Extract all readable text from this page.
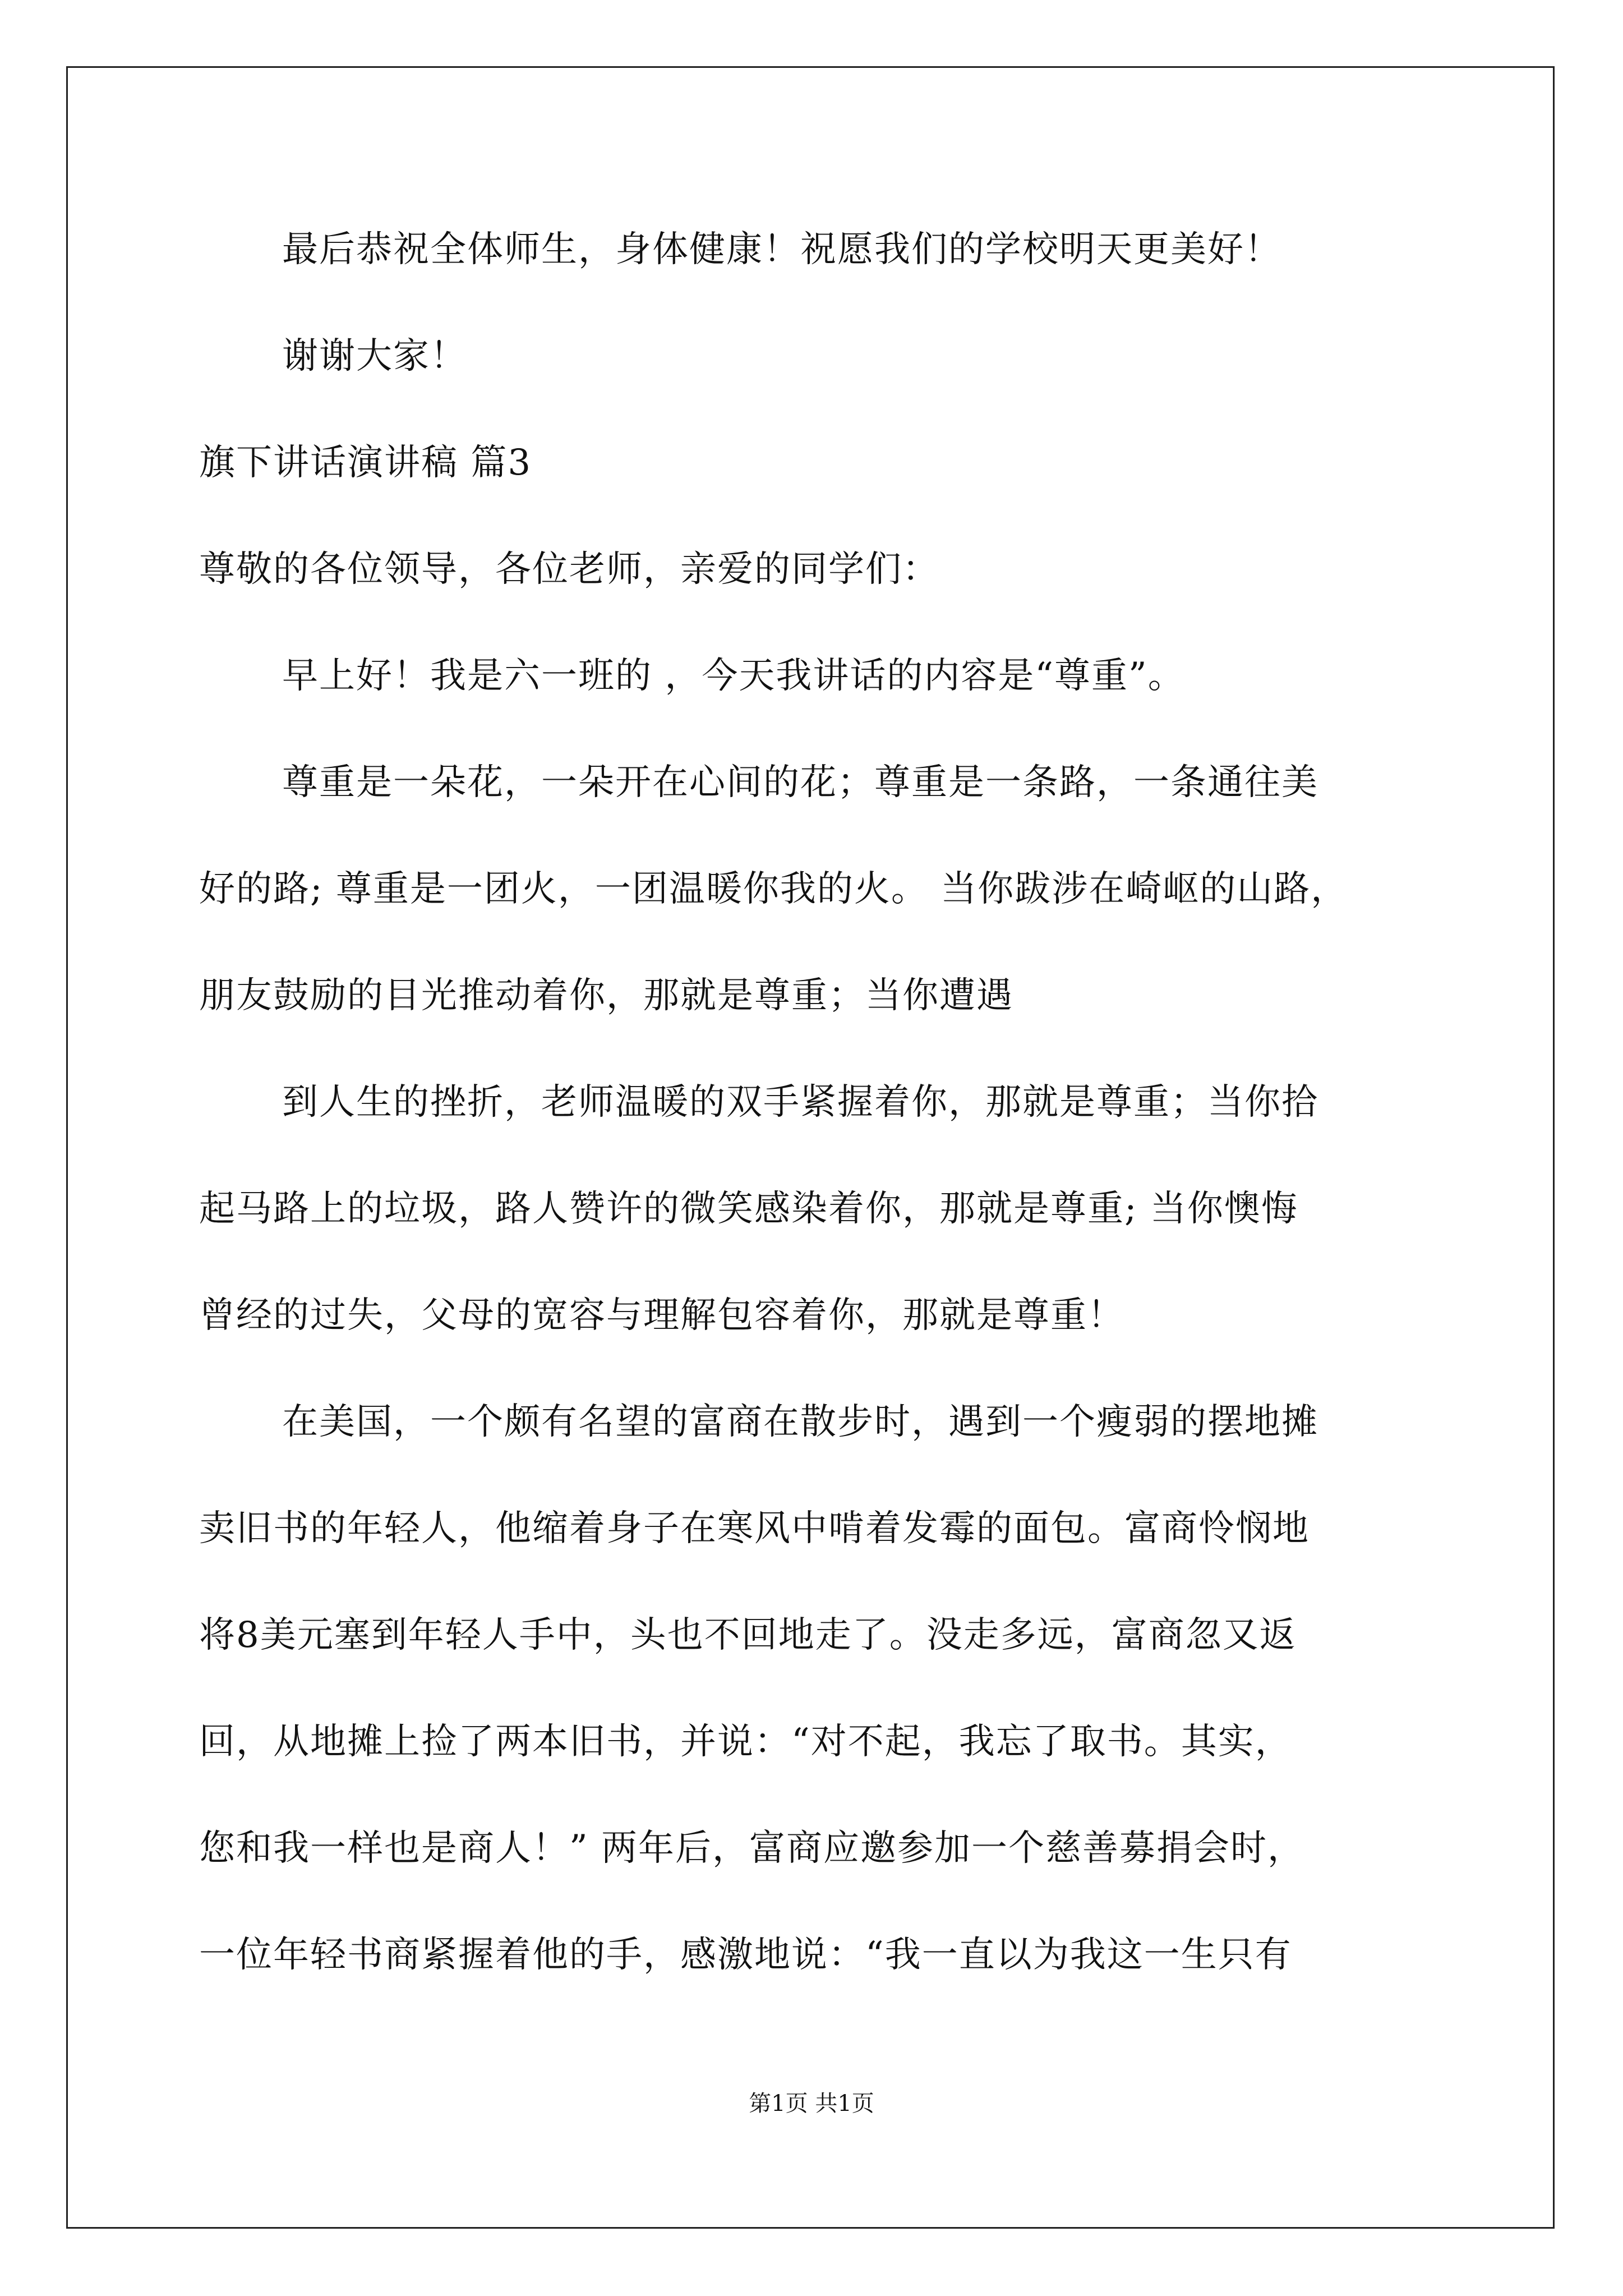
最后恭祝全体师生，身体健康！祝愿我们的学校明天更美好！
谢谢大家！
旗下讲话演讲稿 篇3
尊敬的各位领导，各位老师，亲爱的同学们：
早上好！我是六一班的 ，今天我讲话的内容是“尊重”。
尊重是一朵花，一朵开在心间的花；尊重是一条路，一条通往美
好的路; 尊重是一团火，一团温暖你我的火。 当你跋涉在崎岖的山路，
朋友鼓励的目光推动着你，那就是尊重；当你遭遇
到人生的挫折，老师温暖的双手紧握着你，那就是尊重；当你拾
起马路上的垃圾，路人赞许的微笑感染着你，那就是尊重; 当你懊悔
曾经的过失，父母的宽容与理解包容着你，那就是尊重！
在美国，一个颇有名望的富商在散步时，遇到一个瘦弱的摆地摊
卖旧书的年轻人，他缩着身子在寒风中啃着发霉的面包。富商怜悯地
将8美元塞到年轻人手中，头也不回地走了。没走多远，富商忽又返
回，从地摊上捡了两本旧书，并说：“对不起，我忘了取书。其实，
您和我一样也是商人！” 两年后，富商应邀参加一个慈善募捐会时，
一位年轻书商紧握着他的手，感激地说：“我一直以为我这一生只有
第1页 共1页
